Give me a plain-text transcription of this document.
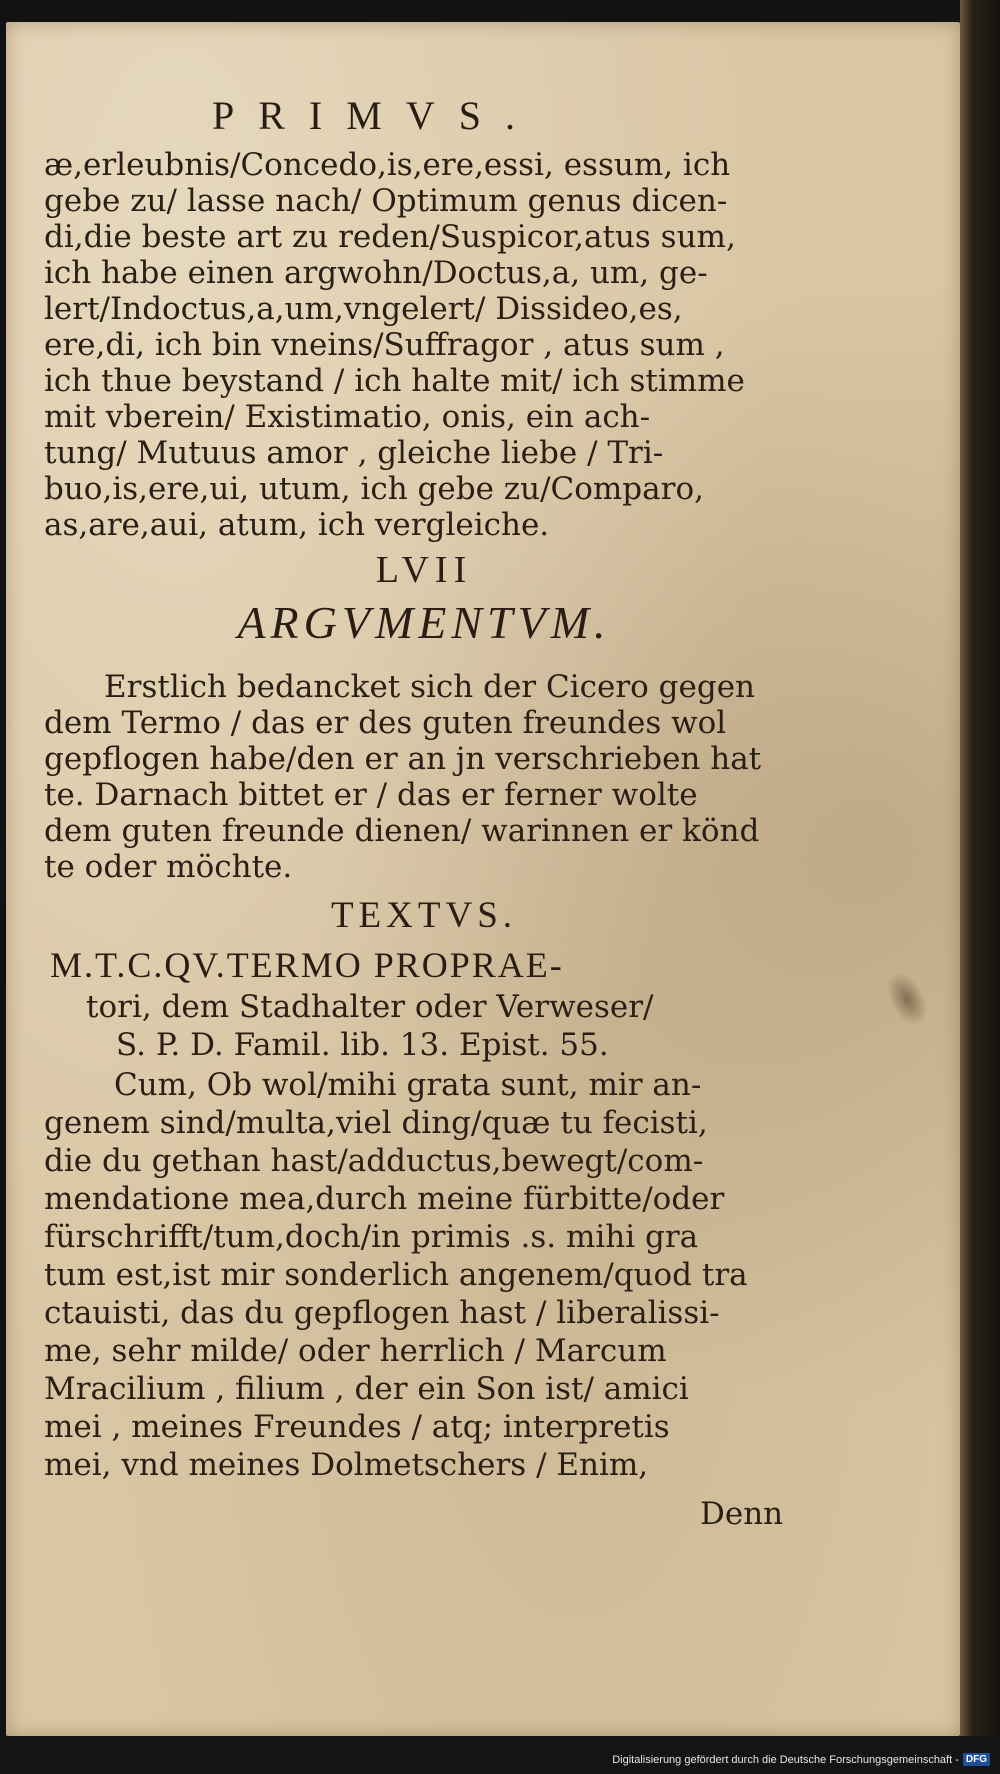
PRIMVS.
æ,erleubnis/Concedo,is,ere,essi, essum, ich
gebe zu/ lasse nach/ Optimum genus dicen-
di,die beste art zu reden/Suspicor,atus sum,
ich habe einen argwohn/Doctus,a, um, ge-
lert/Indoctus,a,um,vngelert/ Dissideo,es,
ere,di, ich bin vneins/Suffragor , atus sum ,
ich thue beystand / ich halte mit/ ich stimme
mit vberein/ Existimatio, onis, ein ach-
tung/ Mutuus amor , gleiche liebe / Tri-
buo,is,ere,ui, utum, ich gebe zu/Comparo,
as,are,aui, atum, ich vergleiche.
LVII
ARGVMENTVM.
Erstlich bedancket sich der Cicero gegen
dem Termo / das er des guten freundes wol
gepflogen habe/den er an jn verschrieben hat
te. Darnach bittet er / das er ferner wolte
dem guten freunde dienen/ warinnen er könd
te oder möchte.
TEXTVS.
M.T.C.QV.TERMO PROPRAE-
tori, dem Stadhalter oder Verweser/
S. P. D. Famil. lib. 13. Epist. 55.
Cum, Ob wol/mihi grata sunt, mir an-
genem sind/multa,viel ding/quæ tu fecisti,
die du gethan hast/adductus,bewegt/com-
mendatione mea,durch meine fürbitte/oder
fürschrifft/tum,doch/in primis .s. mihi gra
tum est,ist mir sonderlich angenem/quod tra
ctauisti, das du gepflogen hast / liberalissi-
me, sehr milde/ oder herrlich / Marcum
Mracilium , filium , der ein Son ist/ amici
mei , meines Freundes / atq; interpretis
mei, vnd meines Dolmetschers / Enim,
Denn
Digitalisierung gefördert durch die Deutsche Forschungsgemeinschaft - DFG
